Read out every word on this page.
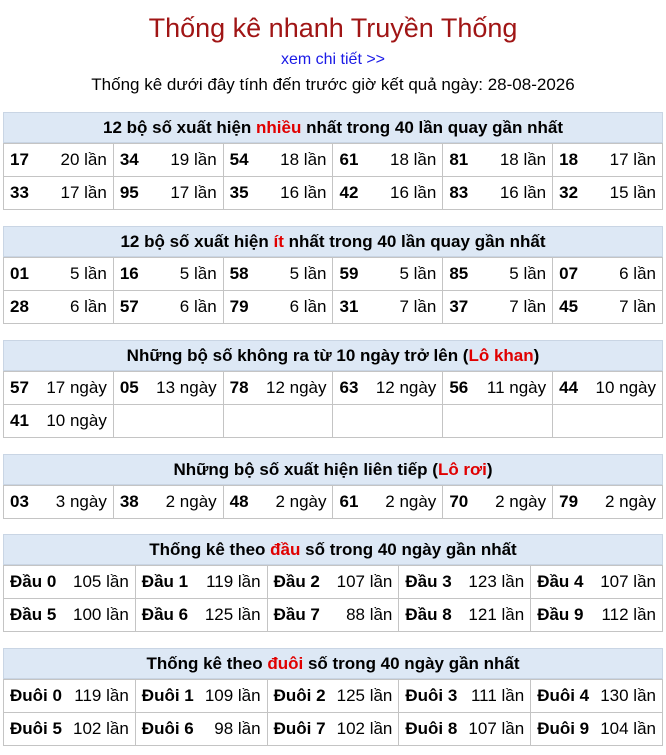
Thống kê nhanh Truyền Thống
xem chi tiết >>
Thống kê dưới đây tính đến trước giờ kết quả ngày: 28-08-2026
12 bộ số xuất hiện nhiều nhất trong 40 lần quay gần nhất
17 20 lần	34 19 lần	54 18 lần	61 18 lần	81 18 lần	18 17 lần

33 17 lần	95 17 lần	35 16 lần	42 16 lần	83 16 lần	32 15 lần
12 bộ số xuất hiện ít nhất trong 40 lần quay gần nhất
01 5 lần	16 5 lần	58 5 lần	59 5 lần	85 5 lần	07 6 lần

28 6 lần	57 6 lần	79 6 lần	31 7 lần	37 7 lần	45 7 lần
Những bộ số không ra từ 10 ngày trở lên (Lô khan)
57 17 ngày	05 13 ngày	78 12 ngày	63 12 ngày	56 11 ngày	44 10 ngày

41 10 ngày					

Những bộ số xuất hiện liên tiếp (Lô rơi)
03 3 ngày	38 2 ngày	48 2 ngày	61 2 ngày	70 2 ngày	79 2 ngày
Thống kê theo đầu số trong 40 ngày gần nhất
Đầu 0 105 lần	Đầu 1 119 lần	Đầu 2 107 lần	Đầu 3 123 lần	Đầu 4 107 lần

Đầu 5 100 lần	Đầu 6 125 lần	Đầu 7 88 lần	Đầu 8 121 lần	Đầu 9 112 lần
Thống kê theo đuôi số trong 40 ngày gần nhất
Đuôi 0 119 lần	Đuôi 1 109 lần	Đuôi 2 125 lần	Đuôi 3 111 lần	Đuôi 4 130 lần

Đuôi 5 102 lần	Đuôi 6 98 lần	Đuôi 7 102 lần	Đuôi 8 107 lần	Đuôi 9 104 lần
